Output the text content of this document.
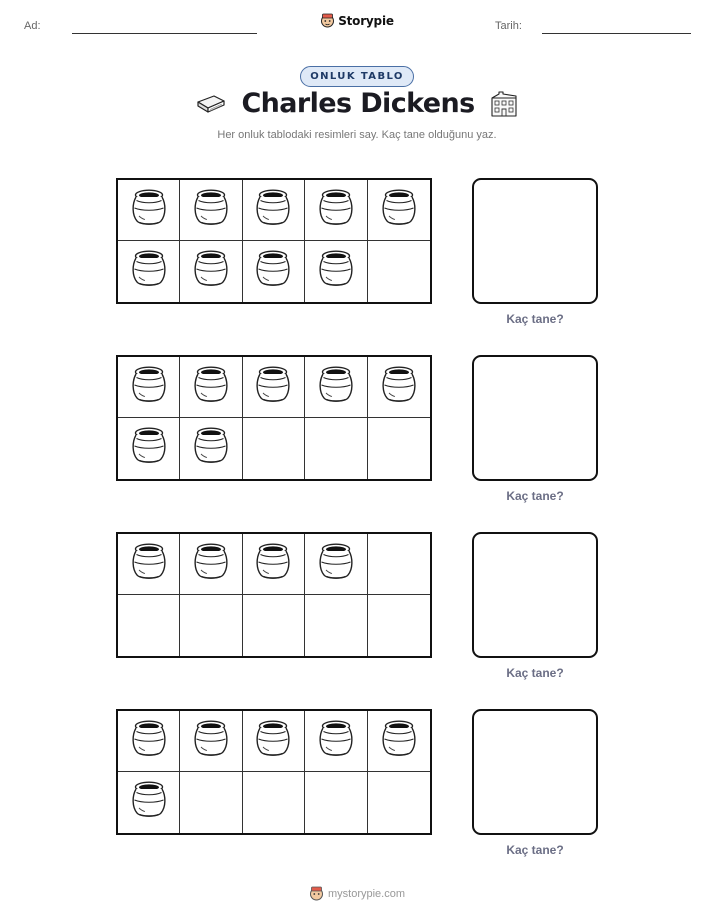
Ad:	Tarih:
Storypie
ONLUK TABLO
Charles Dickens

Her onluk tablodaki resimleri say. Kaç tane olduğunu yaz.

Kaç tane?
Kaç tane?
Kaç tane?
Kaç tane?
mystorypie.com
